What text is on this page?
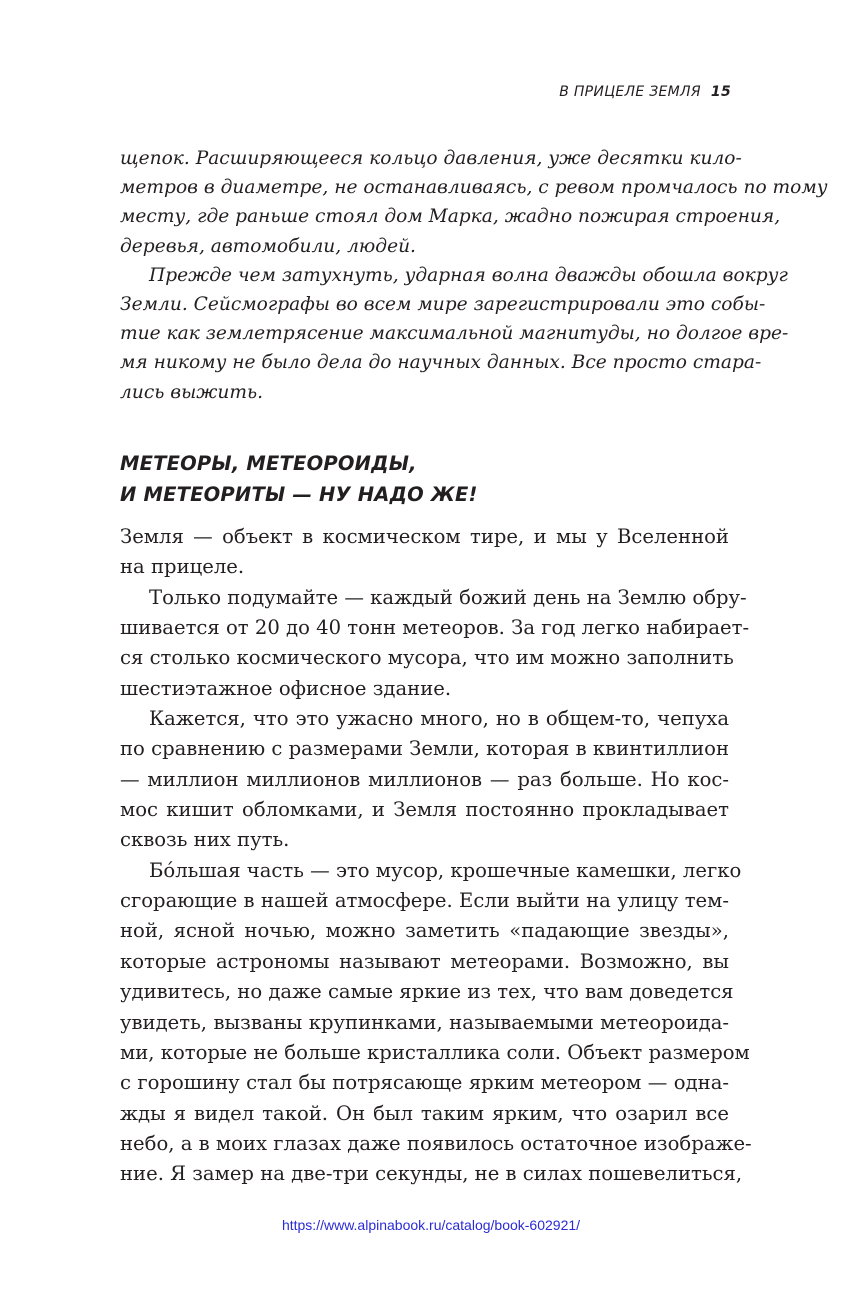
В ПРИЦЕЛЕ ЗЕМЛЯ 15
щепок. Расширяющееся кольцо давления, уже десятки кило-
метров в диаметре, не останавливаясь, с ревом промчалось по тому
месту, где раньше стоял дом Марка, жадно пожирая строения,
деревья, автомобили, людей.
Прежде чем затухнуть, ударная волна дважды обошла вокруг
Земли. Сейсмографы во всем мире зарегистрировали это собы-
тие как землетрясение максимальной магнитуды, но долгое вре-
мя никому не было дела до научных данных. Все просто стара-
лись выжить.
МЕТЕОРЫ, МЕТЕОРОИДЫ,
И МЕТЕОРИТЫ — НУ НАДО ЖЕ!
Земля — объект в космическом тире, и мы у Вселенной
на прицеле.
Только подумайте — каждый божий день на Землю обру-
шивается от 20 до 40 тонн метеоров. За год легко набирает-
ся столько космического мусора, что им можно заполнить
шестиэтажное офисное здание.
Кажется, что это ужасно много, но в общем-то, чепуха
по сравнению с размерами Земли, которая в квинтиллион
— миллион миллионов миллионов — раз больше. Но кос-
мос кишит обломками, и Земля постоянно прокладывает
сквозь них путь.
Бóльшая часть — это мусор, крошечные камешки, легко
сгорающие в нашей атмосфере. Если выйти на улицу тем-
ной, ясной ночью, можно заметить «падающие звезды»,
которые астрономы называют метеорами. Возможно, вы
удивитесь, но даже самые яркие из тех, что вам доведется
увидеть, вызваны крупинками, называемыми метеороида-
ми, которые не больше кристаллика соли. Объект размером
с горошину стал бы потрясающе ярким метеором — однa-
жды я видел такой. Он был таким ярким, что озарил все
небо, а в моих глазах даже появилось остаточное изображе-
ние. Я замер на две-три секунды, не в силах пошевелиться,
https://www.alpinabook.ru/catalog/book-602921/
